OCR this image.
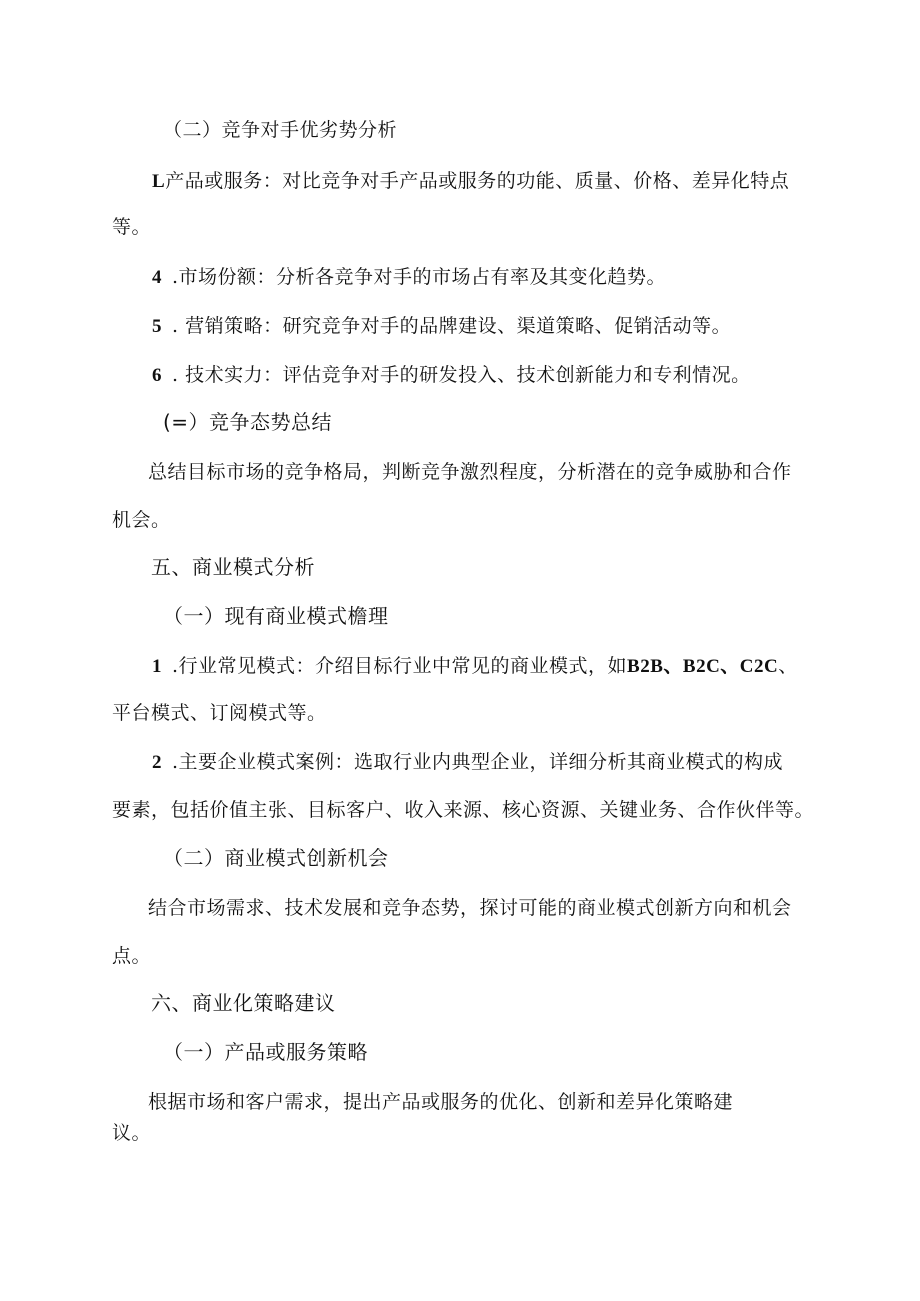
（二）竞争对手优劣势分析
L产品或服务：对比竞争对手产品或服务的功能、质量、价格、差异化特点
等。
4 .市场份额：分析各竞争对手的市场占有率及其变化趋势。
5 . 营销策略：研究竞争对手的品牌建设、渠道策略、促销活动等。
6 . 技术实力：评估竞争对手的研发投入、技术创新能力和专利情况。
(=）竞争态势总结
总结目标市场的竞争格局，判断竞争激烈程度，分析潜在的竞争威胁和合作
机会。
五、商业模式分析
（一）现有商业模式檐理
1 .行业常见模式：介绍目标行业中常见的商业模式，如B2B、B2C、C2C、
平台模式、订阅模式等。
2 .主要企业模式案例：选取行业内典型企业，详细分析其商业模式的构成
要素，包括价值主张、目标客户、收入来源、核心资源、关键业务、合作伙伴等。
（二）商业模式创新机会
结合市场需求、技术发展和竞争态势，探讨可能的商业模式创新方向和机会
点。
六、商业化策略建议
（一）产品或服务策略
根据市场和客户需求，提出产品或服务的优化、创新和差异化策略建
议。
